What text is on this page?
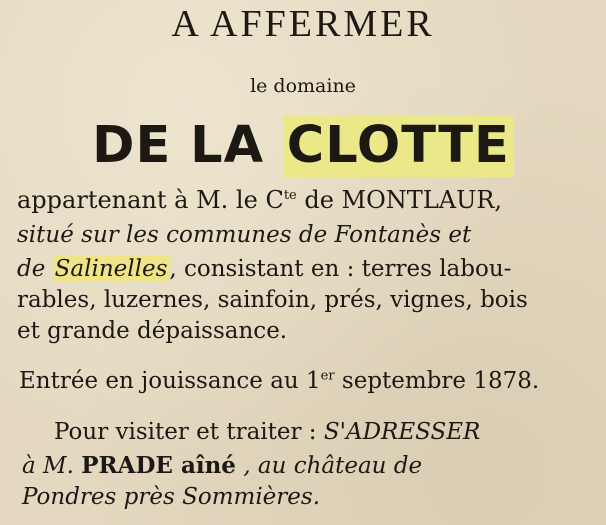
A AFFERMER
le domaine
DE LA CLOTTE
appartenant à M. le $C^{te}$ de MONTLAUR,
situé sur les communes de Fontanès et
de Salinelles, consistant en : terres labou-
rables, luzernes, sainfoin, prés, vignes, bois
et grande dépaissance.
Entrée en jouissance au 1er septembre 1878.
Pour visiter et traiter : S'ADRESSER
à M. PRADE aîné , au château de
Pondres près Sommières.
